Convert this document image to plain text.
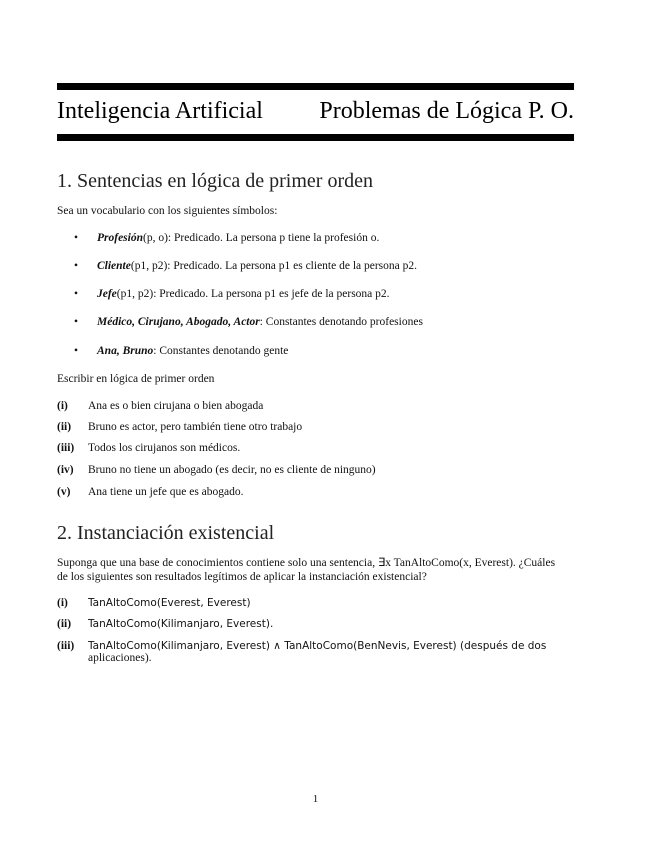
Inteligencia Artificial Problemas de Lógica P. O.
1. Sentencias en lógica de primer orden
Sea un vocabulario con los siguientes símbolos:
• Profesión(p, o): Predicado. La persona p tiene la profesión o.
• Cliente(p1, p2): Predicado. La persona p1 es cliente de la persona p2.
• Jefe(p1, p2): Predicado. La persona p1 es jefe de la persona p2.
• Médico, Cirujano, Abogado, Actor: Constantes denotando profesiones
• Ana, Bruno: Constantes denotando gente
Escribir en lógica de primer orden
(i) Ana es o bien cirujana o bien abogada
(ii) Bruno es actor, pero también tiene otro trabajo
(iii) Todos los cirujanos son médicos.
(iv) Bruno no tiene un abogado (es decir, no es cliente de ninguno)
(v) Ana tiene un jefe que es abogado.
2. Instanciación existencial
Suponga que una base de conocimientos contiene solo una sentencia, ∃x TanAltoComo(x, Everest). ¿Cuáles
de los siguientes son resultados legítimos de aplicar la instanciación existencial?
(i) TanAltoComo(Everest, Everest)
(ii) TanAltoComo(Kilimanjaro, Everest).
(iii) TanAltoComo(Kilimanjaro, Everest) ∧ TanAltoComo(BenNevis, Everest) (después de dos
aplicaciones).
1
